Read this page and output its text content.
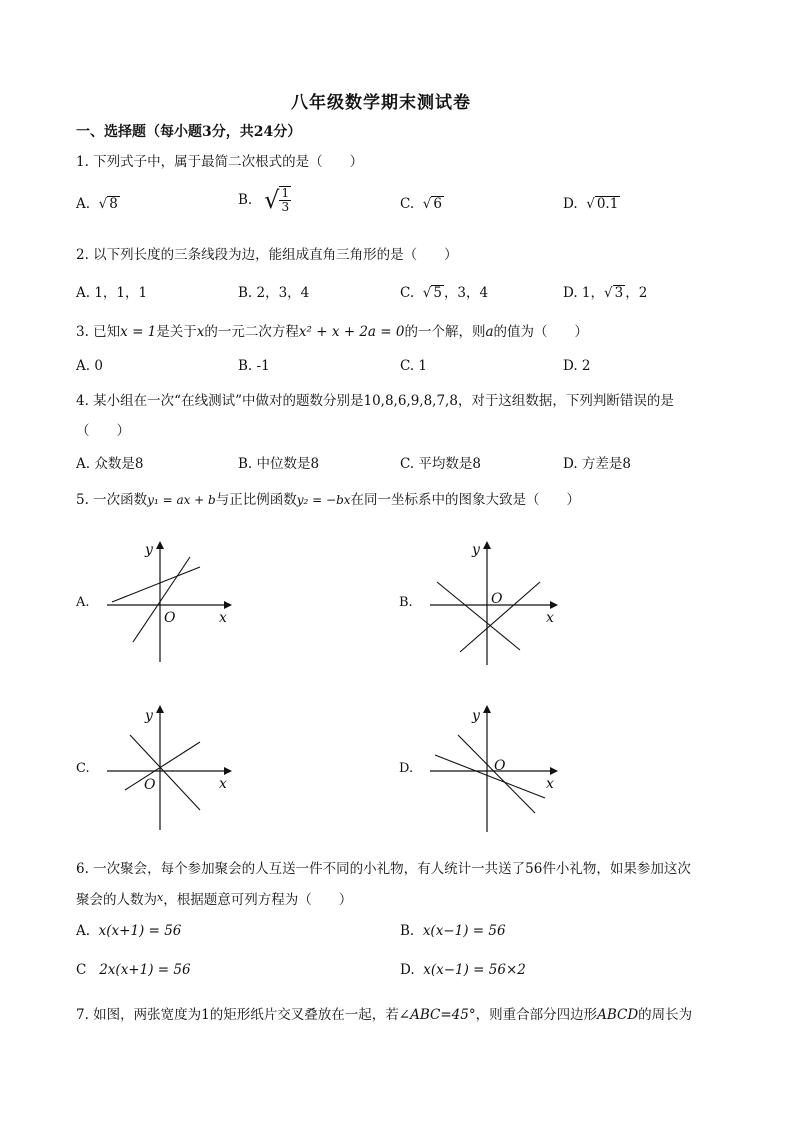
八年级数学期末测试卷
一、选择题（每小题3分，共24分）
1. 下列式子中，属于最简二次根式的是（　　）
A.  √ 8	B.  √ $\frac{1}{3}$	C.  √ 6	D.  √ 0.1
2. 以下列长度的三条线段为边，能组成直角三角形的是（　　）
A. 1，1，1	B. 2，3，4	C.  √ 5 ，3，4	D. 1，√ 3 ，2
3. 已知x = 1是关于x的一元二次方程x² + x + 2a = 0的一个解，则a的值为（　　）
A. 0	B. -1	C. 1	D. 2
4. 某小组在一次“在线测试”中做对的题数分别是10,8,6,9,8,7,8，对于这组数据，下列判断错误的是
（　　）
A. 众数是8	B. 中位数是8	C. 平均数是8	D. 方差是8
5. 一次函数y₁ = ax + b与正比例函数y₂ = −bx在同一坐标系中的图象大致是（　　）
A.
y
x
O
B.
y
x
O
C.
y
x
O
D.
y
x
O
6. 一次聚会，每个参加聚会的人互送一件不同的小礼物，有人统计一共送了56件小礼物，如果参加这次
聚会的人数为$^x$，根据题意可列方程为（　　）
A. x(x+1) = 56	B. x(x−1) = 56
C 2x(x+1) = 56	D. x(x−1) = 56×2
7. 如图，两张宽度为1的矩形纸片交叉叠放在一起，若∠ABC=45°，则重合部分四边形ABCD的周长为
